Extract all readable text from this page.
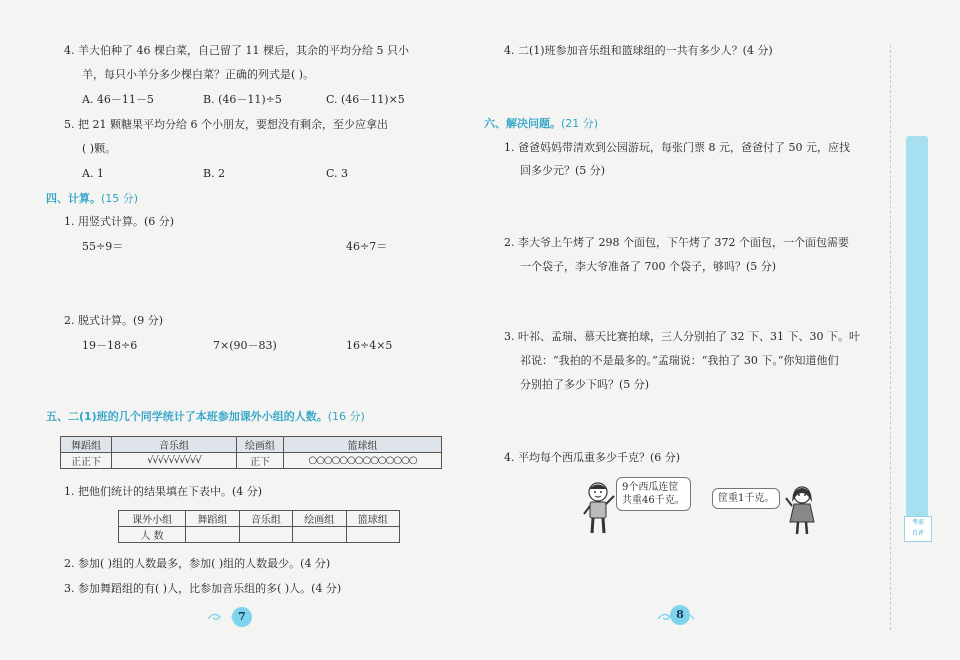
4. 羊大伯种了 46 棵白菜，自己留了 11 棵后，其余的平均分给 5 只小
羊，每只小羊分多少棵白菜？正确的列式是( )。
A. 46－11－5	B. (46－11)÷5	C. (46－11)×5
5. 把 21 颗糖果平均分给 6 个小朋友，要想没有剩余，至少应拿出
( )颗。
A. 1	B. 2	C. 3
四、计算。(15 分)
1. 用竖式计算。(6 分)
55÷9＝	46÷7＝
2. 脱式计算。(9 分)
19－18÷6	7×(90－83)	16÷4×5
五、二(1)班的几个同学统计了本班参加课外小组的人数。(16 分)
舞蹈组	音乐组	绘画组	篮球组
正正下	√√√√√√√√√√	正下	○○○○○○○○○○○○○○
1. 把他们统计的结果填在下表中。(4 分)
课外小组	舞蹈组	音乐组	绘画组	篮球组
人 数				
2. 参加( )组的人数最多，参加( )组的人数最少。(4 分)
3. 参加舞蹈组的有( )人，比参加音乐组的多( )人。(4 分)
7
4. 二(1)班参加音乐组和篮球组的一共有多少人？(4 分)
六、解决问题。(21 分)
1. 爸爸妈妈带清欢到公园游玩，每张门票 8 元，爸爸付了 50 元，应找
回多少元？(5 分)
2. 李大爷上午烤了 298 个面包，下午烤了 372 个面包，一个面包需要
一个袋子，李大爷准备了 700 个袋子，够吗？(5 分)
3. 叶祁、孟瑞、慕天比赛拍球，三人分别拍了 32 下、31 下、30 下。叶
祁说：“我拍的不是最多的。”孟瑞说：“我拍了 30 下。”你知道他们
分别拍了多少下吗？(5 分)
4. 平均每个西瓜重多少千克？(6 分)
9个西瓜连筐
共重46千克。	筐重1千克。
8
考前
自评
